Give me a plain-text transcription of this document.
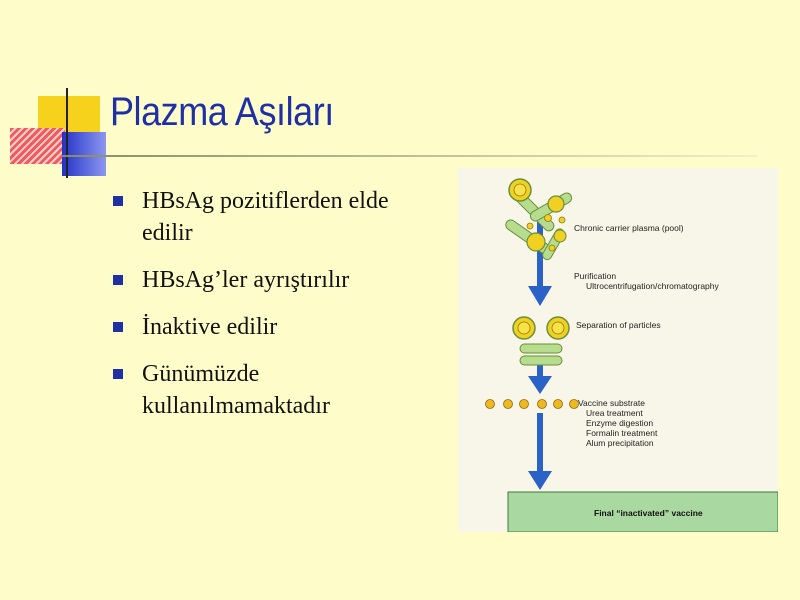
Plazma Aşıları
HBsAg pozitiflerden elde edilir
HBsAg’ler ayrıştırılır
İnaktive edilir
Günümüzde kullanılmamaktadır
Chronic carrier plasma (pool)
Purification
Ultrocentrifugation/chromatography
Separation of particles
Vaccine substrate
Urea treatment
Enzyme digestion
Formalin treatment
Alum precipitation
Final “inactivated” vaccine
